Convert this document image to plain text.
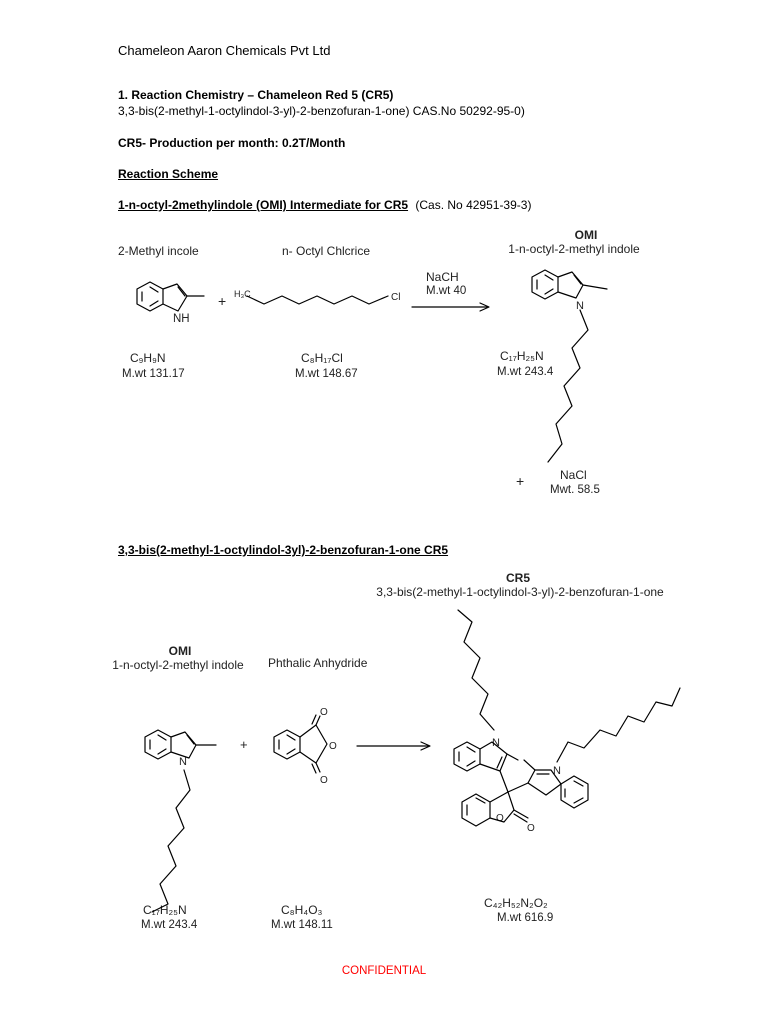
Chameleon Aaron Chemicals Pvt Ltd
1. Reaction Chemistry – Chameleon Red 5 (CR5)
3,3-bis(2-methyl-1-octylindol-3-yl)-2-benzofuran-1-one) CAS.No 50292-95-0)
CR5- Production per month: 0.2T/Month
Reaction Scheme
1-n-octyl-2methylindole (OMI) Intermediate for CR5 (Cas. No 42951-39-3)
2-Methyl incole	n- Octyl Chlcrice
OMI
1-n-octyl-2-methyl indole
NaCH
M.wt 40
+
NH
H₃C	Cl
N
C₉H₉N
M.wt 131.17
C₈H₁₇Cl
M.wt 148.67
C₁₇H₂₅N
M.wt 243.4
+	NaCl
Mwt. 58.5
3,3-bis(2-methyl-1-octylindol-3yl)-2-benzofuran-1-one CR5
CR5
3,3-bis(2-methyl-1-octylindol-3-yl)-2-benzofuran-1-one
OMI
1-n-octyl-2-methyl indole Phthalic Anhydride
+
O
O
O
N
N
N
O
O
C₁₇H₂₅N
M.wt 243.4
C₈H₄O₃
M.wt 148.11
C₄₂H₅₂N₂O₂
M.wt 616.9
CONFIDENTIAL
